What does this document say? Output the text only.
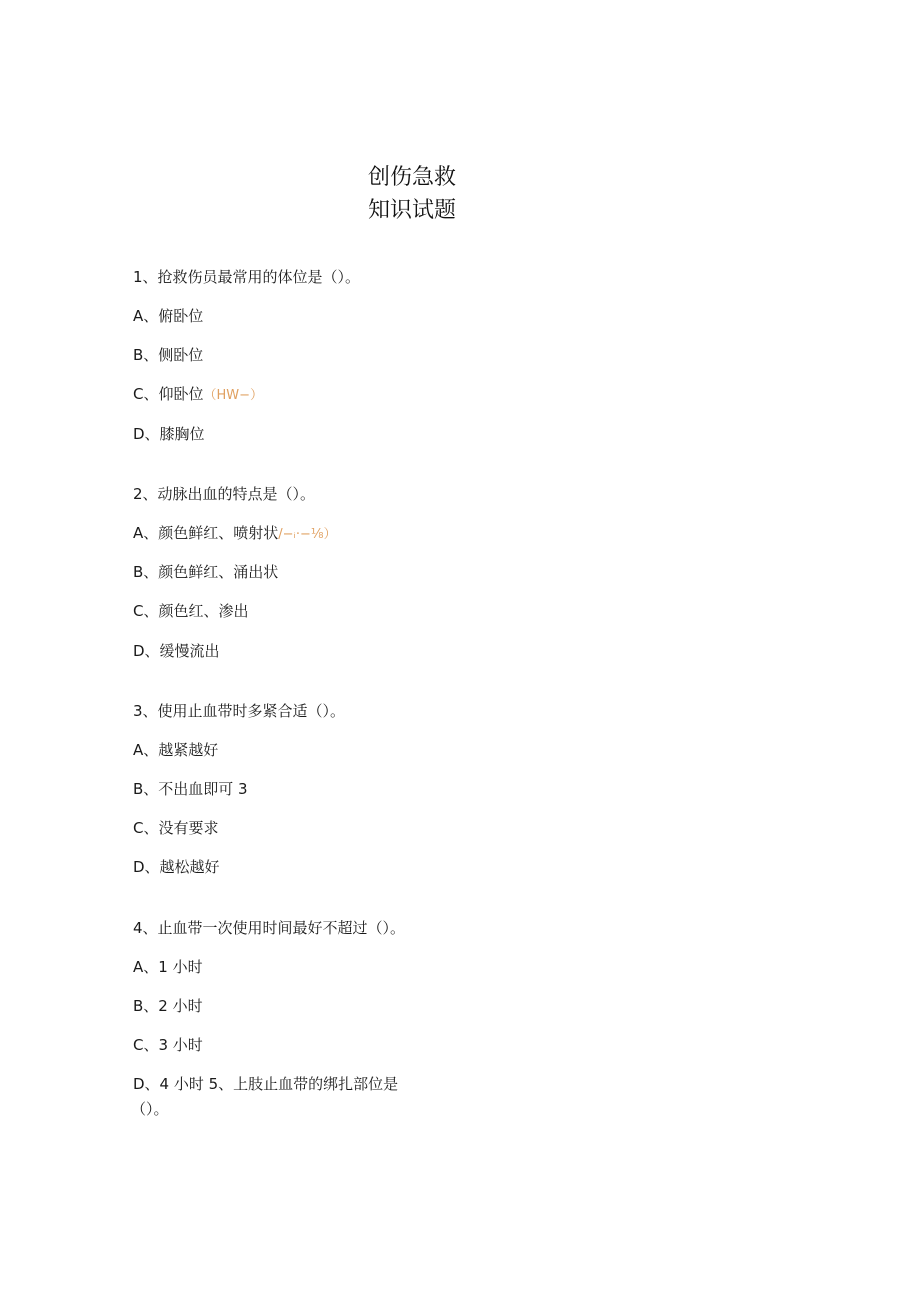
创伤急救
知识试题
1、抢救伤员最常用的体位是（）。
A、俯卧位
B、侧卧位
C、仰卧位（HW−）
D、膝胸位
2、动脉出血的特点是（）。
A、颜色鲜红、喷射状/−ᵢ·−⅛）
B、颜色鲜红、涌出状
C、颜色红、渗出
D、缓慢流出
3、使用止血带时多紧合适（）。
A、越紧越好
B、不出血即可 3
C、没有要求
D、越松越好
4、止血带一次使用时间最好不超过（）。
A、1 小时
B、2 小时
C、3 小时
D、4 小时 5、上肢止血带的绑扎部位是
（）。
